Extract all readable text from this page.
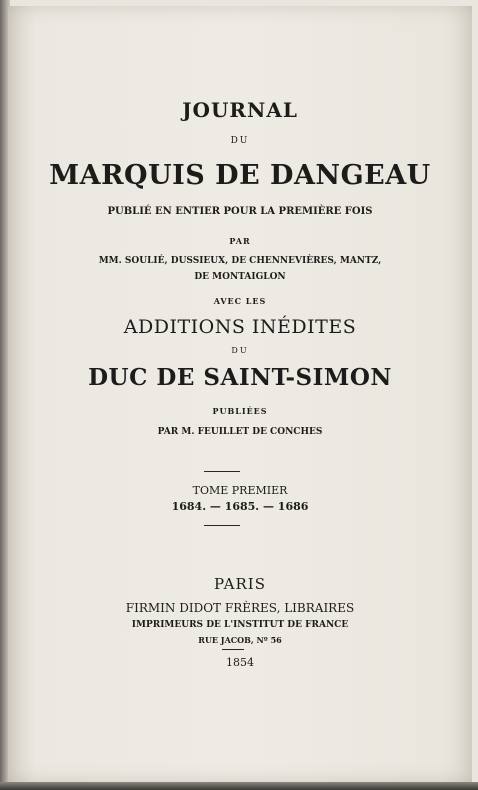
JOURNAL
DU
MARQUIS DE DANGEAU
PUBLIÉ EN ENTIER POUR LA PREMIÈRE FOIS
PAR
MM. SOULIÉ, DUSSIEUX, DE CHENNEVIÈRES, MANTZ,
DE MONTAIGLON
AVEC LES
ADDITIONS INÉDITES
DU
DUC DE SAINT-SIMON
PUBLIÉES
PAR M. FEUILLET DE CONCHES
TOME PREMIER
1684. — 1685. — 1686
PARIS
FIRMIN DIDOT FRÈRES, LIBRAIRES
IMPRIMEURS DE L'INSTITUT DE FRANCE
RUE JACOB, Nº 56
1854
